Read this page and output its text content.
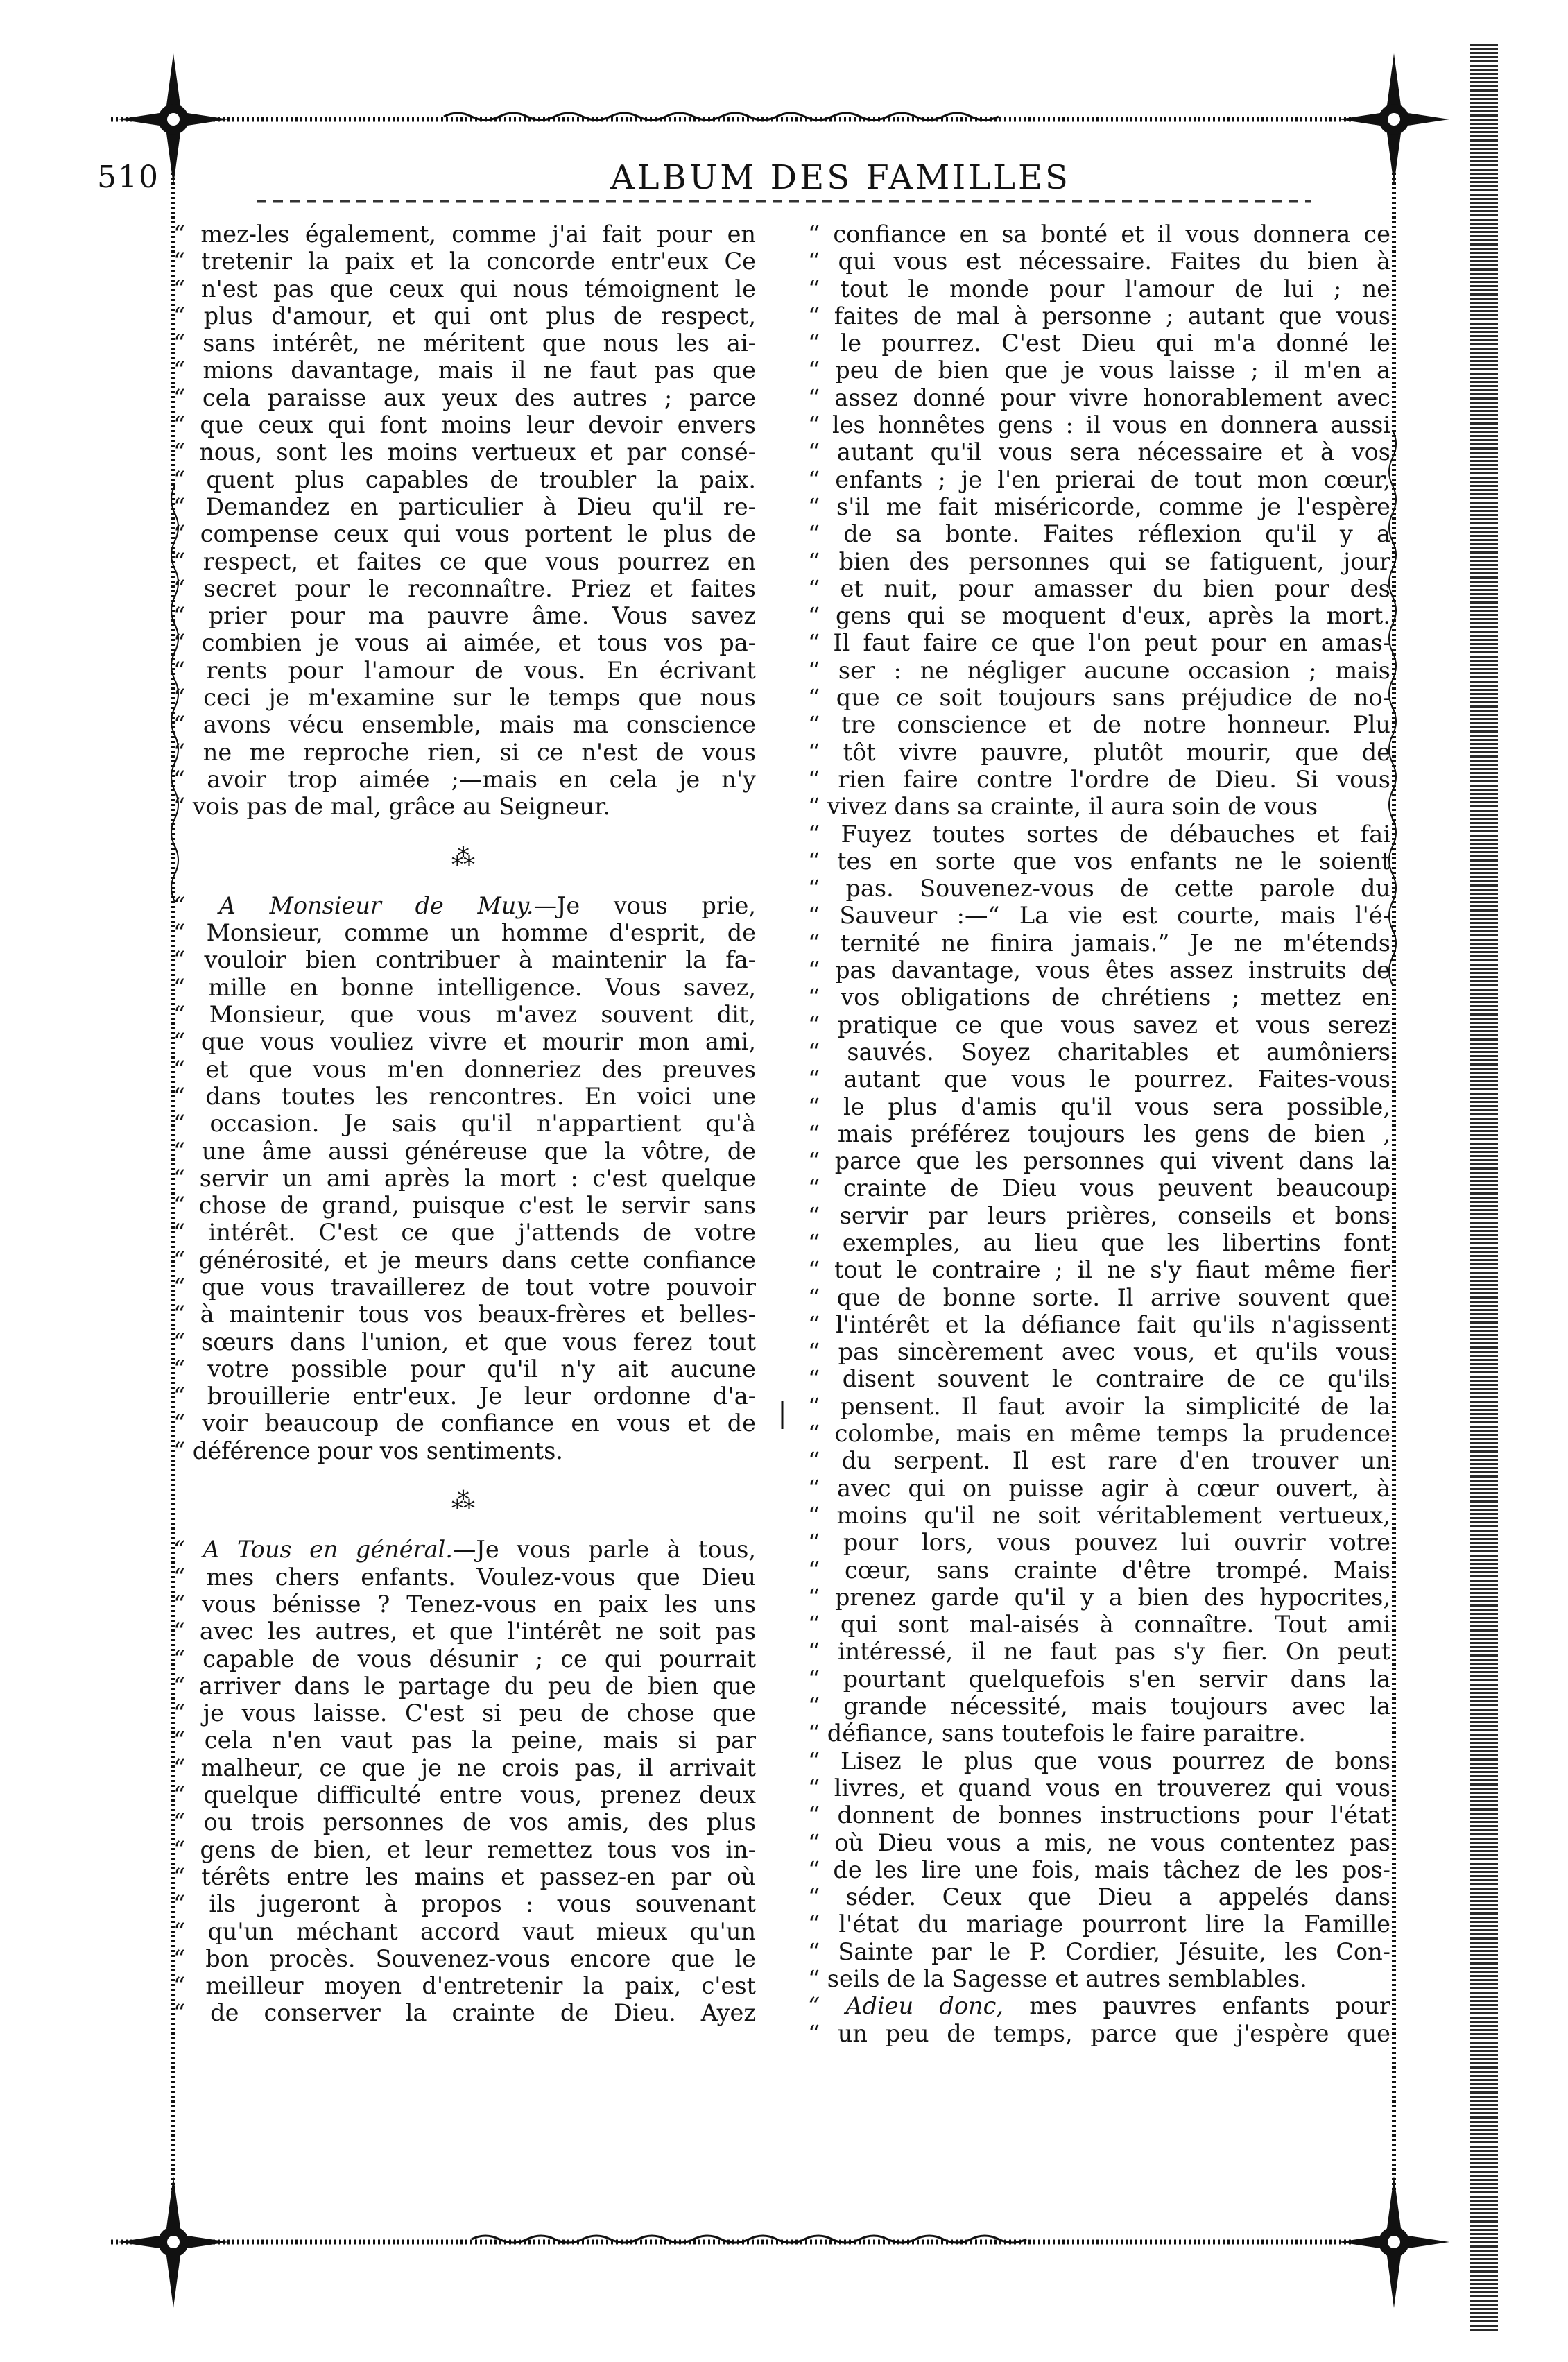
510	ALBUM DES FAMILLES

“ mez-les également, comme j'ai fait pour en
“ tretenir la paix et la concorde entr'eux Ce
“ n'est pas que ceux qui nous témoignent le
“ plus d'amour, et qui ont plus de respect,
“ sans intérêt, ne méritent que nous les ai-
“ mions davantage, mais il ne faut pas que
“ cela paraisse aux yeux des autres ; parce
“ que ceux qui font moins leur devoir envers
“ nous, sont les moins vertueux et par consé-
“ quent plus capables de troubler la paix.
“ Demandez en particulier à Dieu qu'il re-
“ compense ceux qui vous portent le plus de
“ respect, et faites ce que vous pourrez en
“ secret pour le reconnaître. Priez et faites
“ prier pour ma pauvre âme. Vous savez
“ combien je vous ai aimée, et tous vos pa-
“ rents pour l'amour de vous. En écrivant
“ ceci je m'examine sur le temps que nous
“ avons vécu ensemble, mais ma conscience
“ ne me reproche rien, si ce n'est de vous
“ avoir trop aimée ;—mais en cela je n'y
“ vois pas de mal, grâce au Seigneur.

⁂

“ A Monsieur de Muy.—Je vous prie,
“ Monsieur, comme un homme d'esprit, de
“ vouloir bien contribuer à maintenir la fa-
“ mille en bonne intelligence. Vous savez,
“ Monsieur, que vous m'avez souvent dit,
“ que vous vouliez vivre et mourir mon ami,
“ et que vous m'en donneriez des preuves
“ dans toutes les rencontres. En voici une
“ occasion. Je sais qu'il n'appartient qu'à
“ une âme aussi généreuse que la vôtre, de
“ servir un ami après la mort : c'est quelque
“ chose de grand, puisque c'est le servir sans
“ intérêt. C'est ce que j'attends de votre
“ générosité, et je meurs dans cette confiance
“ que vous travaillerez de tout votre pouvoir
“ à maintenir tous vos beaux-frères et belles-
“ sœurs dans l'union, et que vous ferez tout
“ votre possible pour qu'il n'y ait aucune
“ brouillerie entr'eux. Je leur ordonne d'a-
“ voir beaucoup de confiance en vous et de
“ déférence pour vos sentiments.

⁂

“ A Tous en général.—Je vous parle à tous,
“ mes chers enfants. Voulez-vous que Dieu
“ vous bénisse ? Tenez-vous en paix les uns
“ avec les autres, et que l'intérêt ne soit pas
“ capable de vous désunir ; ce qui pourrait
“ arriver dans le partage du peu de bien que
“ je vous laisse. C'est si peu de chose que
“ cela n'en vaut pas la peine, mais si par
“ malheur, ce que je ne crois pas, il arrivait
“ quelque difficulté entre vous, prenez deux
“ ou trois personnes de vos amis, des plus
“ gens de bien, et leur remettez tous vos in-
“ térêts entre les mains et passez-en par où
“ ils jugeront à propos : vous souvenant
“ qu'un méchant accord vaut mieux qu'un
“ bon procès. Souvenez-vous encore que le
“ meilleur moyen d'entretenir la paix, c'est
“ de conserver la crainte de Dieu. Ayez

“ confiance en sa bonté et il vous donnera ce
“ qui vous est nécessaire. Faites du bien à
“ tout le monde pour l'amour de lui ; ne
“ faites de mal à personne ; autant que vous
“ le pourrez. C'est Dieu qui m'a donné le
“ peu de bien que je vous laisse ; il m'en a
“ assez donné pour vivre honorablement avec
“ les honnêtes gens : il vous en donnera aussi
“ autant qu'il vous sera nécessaire et à vos
“ enfants ; je l'en prierai de tout mon cœur,
“ s'il me fait miséricorde, comme je l'espère
“ de sa bonte. Faites réflexion qu'il y a
“ bien des personnes qui se fatiguent, jour
“ et nuit, pour amasser du bien pour des
“ gens qui se moquent d'eux, après la mort.
“ Il faut faire ce que l'on peut pour en amas-
“ ser : ne négliger aucune occasion ; mais
“ que ce soit toujours sans préjudice de no-
“ tre conscience et de notre honneur. Plu
“ tôt vivre pauvre, plutôt mourir, que de
“ rien faire contre l'ordre de Dieu. Si vous
“ vivez dans sa crainte, il aura soin de vous

“ Fuyez toutes sortes de débauches et fai
“ tes en sorte que vos enfants ne le soient
“ pas. Souvenez-vous de cette parole du
“ Sauveur :—“ La vie est courte, mais l'é-
“ ternité ne finira jamais.” Je ne m'étends
“ pas davantage, vous êtes assez instruits de
“ vos obligations de chrétiens ; mettez en
“ pratique ce que vous savez et vous serez
“ sauvés. Soyez charitables et aumôniers
“ autant que vous le pourrez. Faites-vous
“ le plus d'amis qu'il vous sera possible,
“ mais préférez toujours les gens de bien ,
“ parce que les personnes qui vivent dans la
“ crainte de Dieu vous peuvent beaucoup
“ servir par leurs prières, conseils et bons
“ exemples, au lieu que les libertins font
“ tout le contraire ; il ne s'y fiaut même fier
“ que de bonne sorte. Il arrive souvent que
“ l'intérêt et la défiance fait qu'ils n'agissent
“ pas sincèrement avec vous, et qu'ils vous
“ disent souvent le contraire de ce qu'ils
“ pensent. Il faut avoir la simplicité de la
“ colombe, mais en même temps la prudence
“ du serpent. Il est rare d'en trouver un
“ avec qui on puisse agir à cœur ouvert, à
“ moins qu'il ne soit véritablement vertueux,
“ pour lors, vous pouvez lui ouvrir votre
“ cœur, sans crainte d'être trompé. Mais
“ prenez garde qu'il y a bien des hypocrites,
“ qui sont mal-aisés à connaître. Tout ami
“ intéressé, il ne faut pas s'y fier. On peut
“ pourtant quelquefois s'en servir dans la
“ grande nécessité, mais toujours avec la
“ défiance, sans toutefois le faire paraitre.

“ Lisez le plus que vous pourrez de bons
“ livres, et quand vous en trouverez qui vous
“ donnent de bonnes instructions pour l'état
“ où Dieu vous a mis, ne vous contentez pas
“ de les lire une fois, mais tâchez de les pos-
“ séder. Ceux que Dieu a appelés dans
“ l'état du mariage pourront lire la Famille
“ Sainte par le P. Cordier, Jésuite, les Con-
“ seils de la Sagesse et autres semblables.

“ Adieu donc, mes pauvres enfants pour
“ un peu de temps, parce que j'espère que
